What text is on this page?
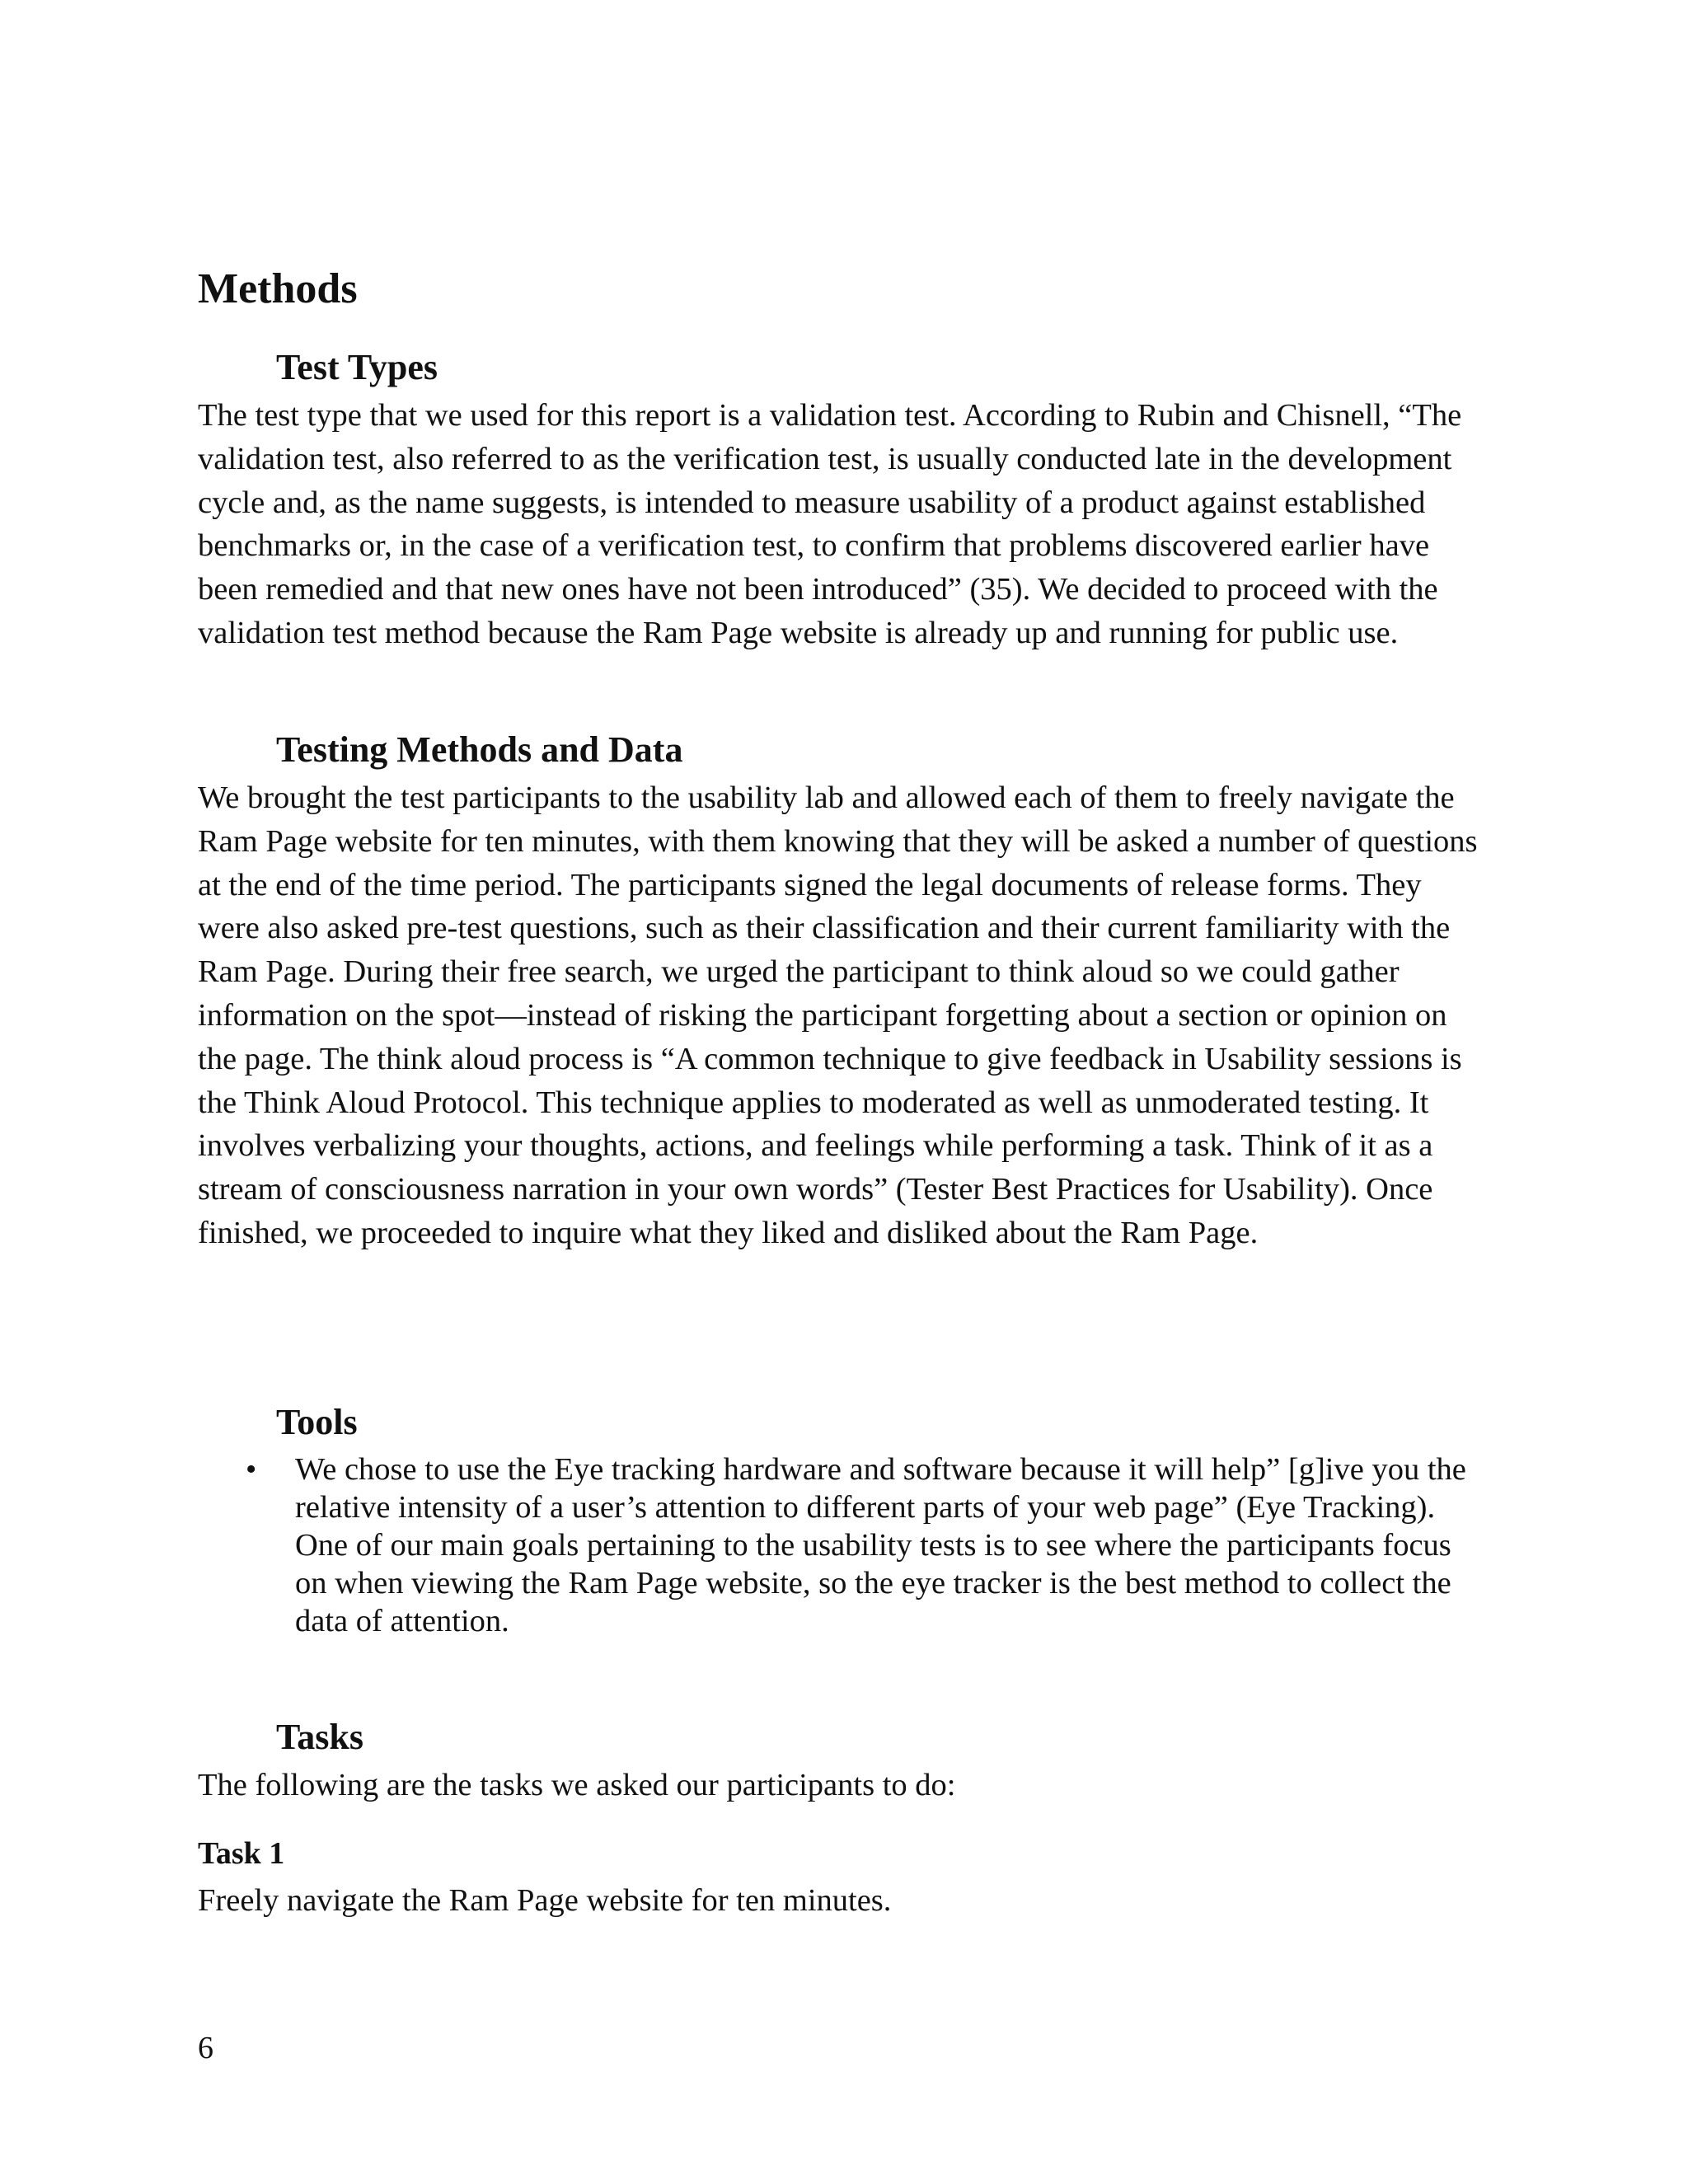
Methods
Test Types

The test type that we used for this report is a validation test. According to Rubin and Chisnell, “The validation test, also referred to as the verification test, is usually conducted late in the development cycle and, as the name suggests, is intended to measure usability of a product against established benchmarks or, in the case of a verification test, to confirm that problems discovered earlier have been remedied and that new ones have not been introduced” (35). We decided to proceed with the validation test method because the Ram Page website is already up and running for public use.

Testing Methods and Data

We brought the test participants to the usability lab and allowed each of them to freely navigate the Ram Page website for ten minutes, with them knowing that they will be asked a number of questions at the end of the time period. The participants signed the legal documents of release forms. They were also asked pre-test questions, such as their classification and their current familiarity with the Ram Page. During their free search, we urged the participant to think aloud so we could gather information on the spot—instead of risking the participant forgetting about a section or opinion on the page. The think aloud process is “A common technique to give feedback in Usability sessions is the Think Aloud Protocol. This technique applies to moderated as well as unmoderated testing. It involves verbalizing your thoughts, actions, and feelings while performing a task. Think of it as a stream of consciousness narration in your own words” (Tester Best Practices for Usability). Once finished, we proceeded to inquire what they liked and disliked about the Ram Page.

Tools
• We chose to use the Eye tracking hardware and software because it will help” [g]ive you the relative intensity of a user’s attention to different parts of your web page” (Eye Tracking). One of our main goals pertaining to the usability tests is to see where the participants focus on when viewing the Ram Page website, so the eye tracker is the best method to collect the data of attention.

Tasks

The following are the tasks we asked our participants to do:

Task 1

Freely navigate the Ram Page website for ten minutes.

6
